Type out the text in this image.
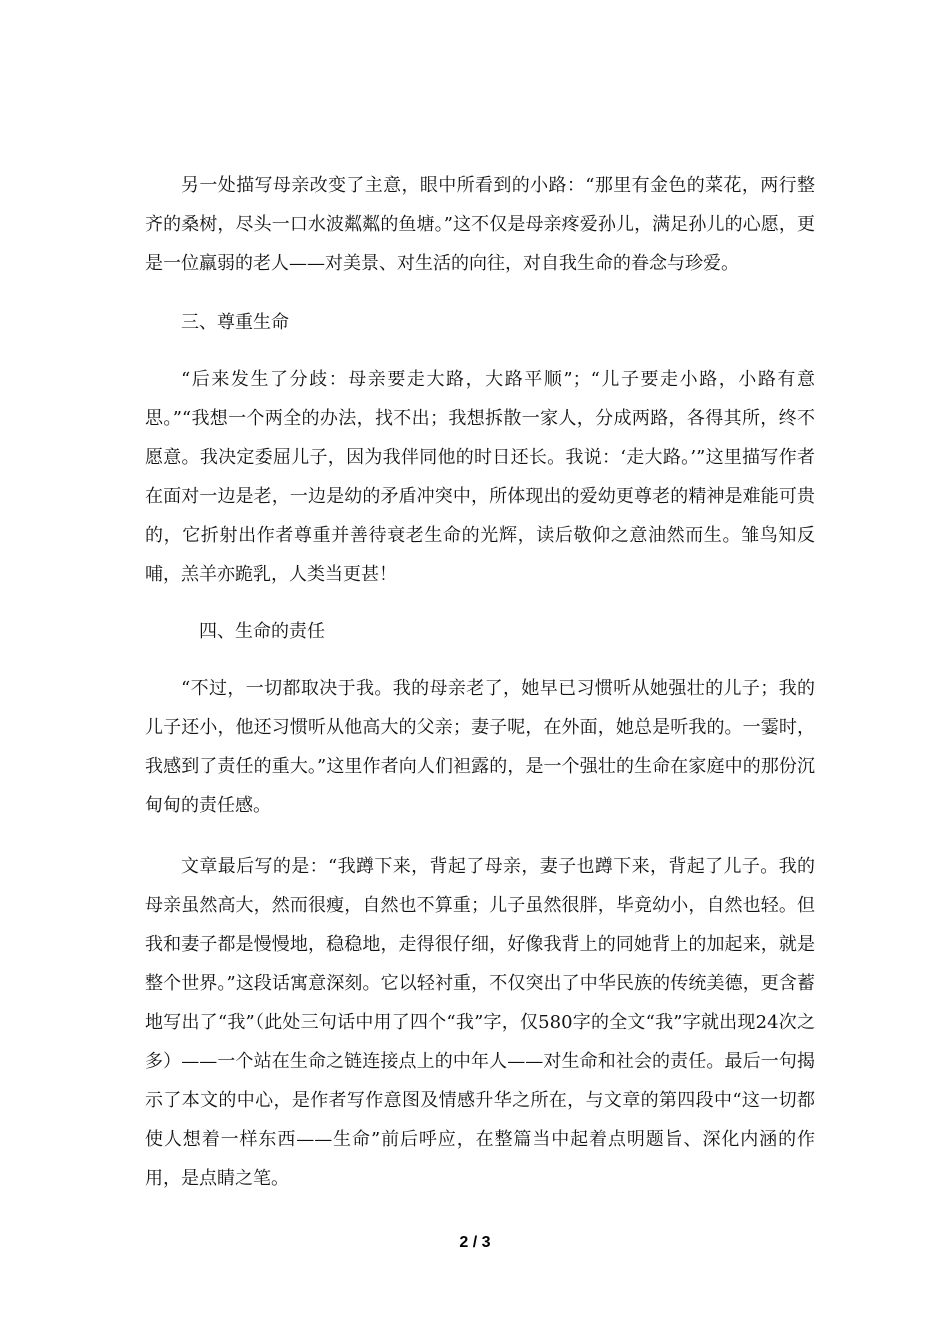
另一处描写母亲改变了主意，眼中所看到的小路：“那里有金色的菜花，两行整齐的桑树，尽头一口水波粼粼的鱼塘。”这不仅是母亲疼爱孙儿，满足孙儿的心愿，更是一位羸弱的老人——对美景、对生活的向往，对自我生命的眷念与珍爱。

三、尊重生命

“后来发生了分歧：母亲要走大路，大路平顺”；“儿子要走小路，小路有意思。”“我想一个两全的办法，找不出；我想拆散一家人，分成两路，各得其所，终不愿意。我决定委屈儿子，因为我伴同他的时日还长。我说：‘走大路。’”这里描写作者在面对一边是老，一边是幼的矛盾冲突中，所体现出的爱幼更尊老的精神是难能可贵的，它折射出作者尊重并善待衰老生命的光辉，读后敬仰之意油然而生。雏鸟知反哺，羔羊亦跪乳，人类当更甚！

四、生命的责任

“不过，一切都取决于我。我的母亲老了，她早已习惯听从她强壮的儿子；我的儿子还小，他还习惯听从他高大的父亲；妻子呢，在外面，她总是听我的。一霎时，我感到了责任的重大。”这里作者向人们袒露的，是一个强壮的生命在家庭中的那份沉甸甸的责任感。

文章最后写的是：“我蹲下来，背起了母亲，妻子也蹲下来，背起了儿子。我的母亲虽然高大，然而很瘦，自然也不算重；儿子虽然很胖，毕竟幼小，自然也轻。但我和妻子都是慢慢地，稳稳地，走得很仔细，好像我背上的同她背上的加起来，就是整个世界。”这段话寓意深刻。它以轻衬重，不仅突出了中华民族的传统美德，更含蓄地写出了“我”（此处三句话中用了四个“我”字，仅580字的全文“我”字就出现24次之多）——一个站在生命之链连接点上的中年人——对生命和社会的责任。最后一句揭示了本文的中心，是作者写作意图及情感升华之所在，与文章的第四段中“这一切都使人想着一样东西——生命”前后呼应，在整篇当中起着点明题旨、深化内涵的作用，是点睛之笔。

2 / 3
